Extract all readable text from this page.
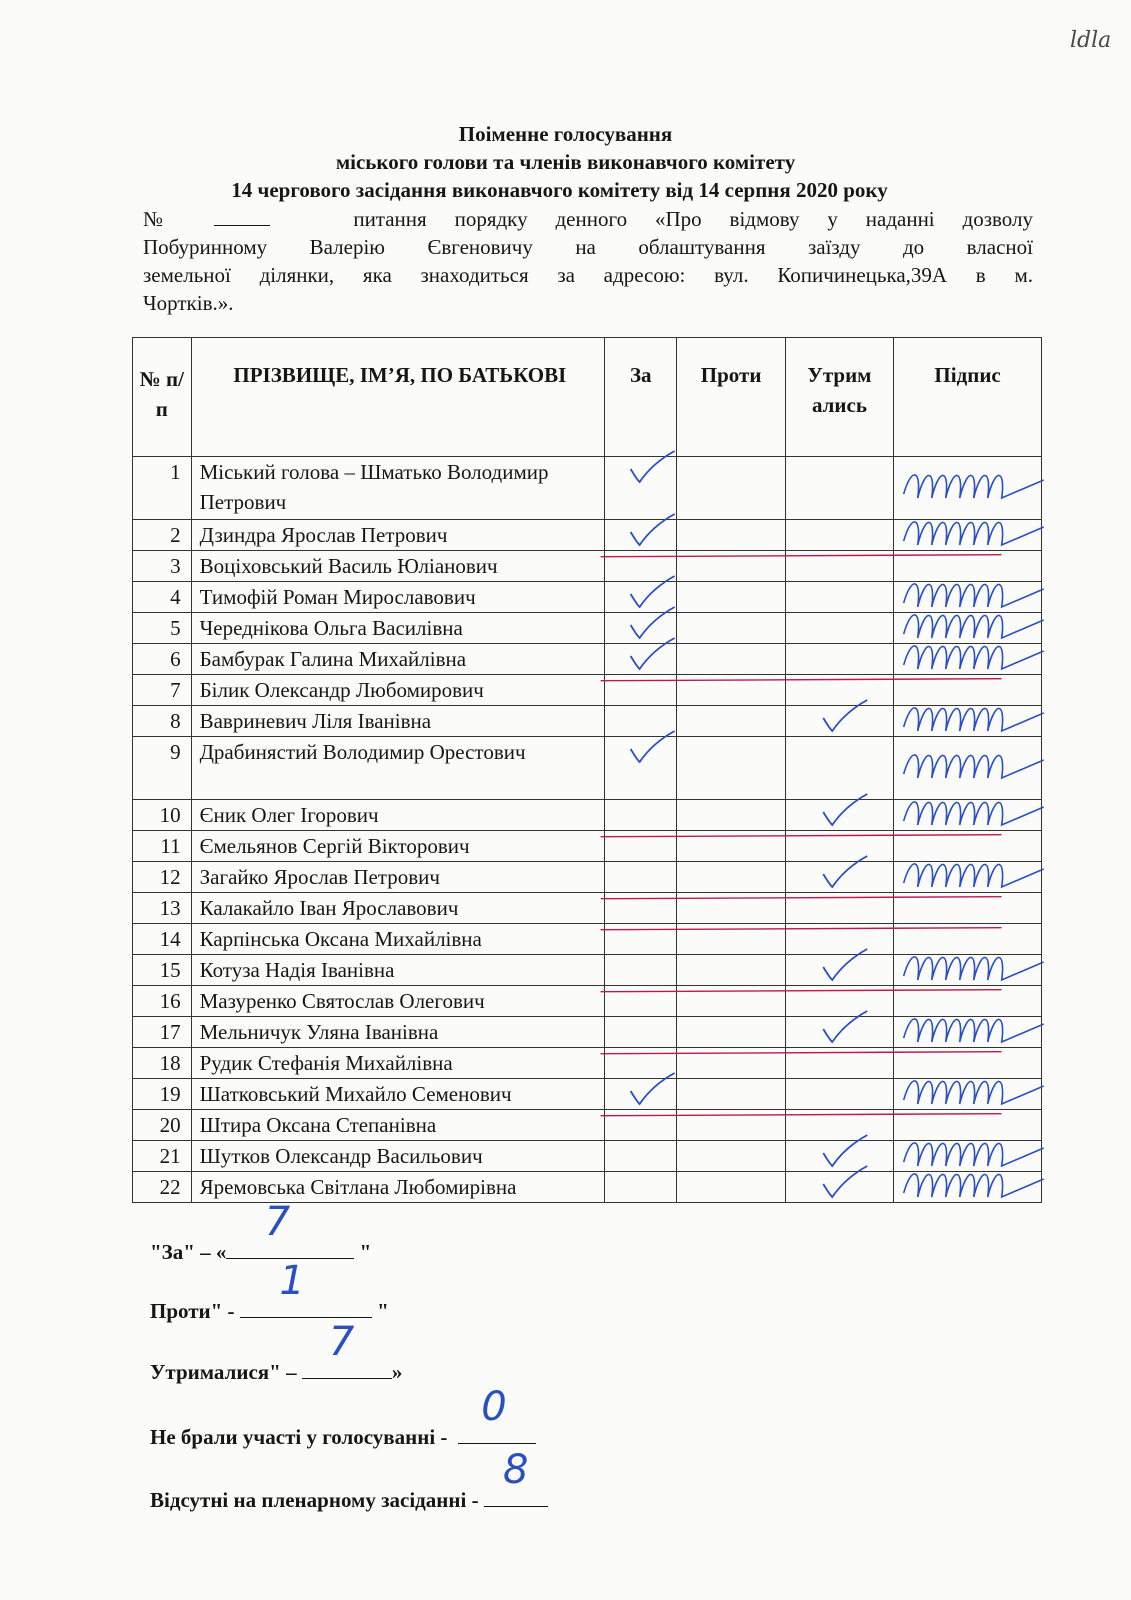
ldla
Поіменне голосування
міського голови та членів виконавчого комітету
14 чергового засідання виконавчого комітету від 14 серпня 2020 року
№	питання порядку денного «Про відмову у наданні дозволу
Побуринному Валерію Євгеновичу на облаштування заїзду до власної
земельної ділянки, яка знаходиться за адресою: вул. Копичинецька,39А в м.
Чортків.».
№ п/ п	ПРІЗВИЩЕ, ІМ’Я, ПО БАТЬКОВІ	За	Проти	Утрим ались	Підпис
1	Міський голова – Шматько Володимир Петрович				
2	Дзиндра Ярослав Петрович				
3	Воціховський Василь Юліанович				
4	Тимофій Роман Мирославович				
5	Череднікова Ольга Василівна				
6	Бамбурак Галина Михайлівна				
7	Білик Олександр Любомирович				
8	Вавриневич Ліля Іванівна				
9	Драбинястий Володимир Орестович				
10	Єник Олег Ігорович				
11	Ємельянов Сергій Вікторович				
12	Загайко Ярослав Петрович				
13	Калакайло Іван Ярославович				
14	Карпінська Оксана Михайлівна				
15	Котуза Надія Іванівна				
16	Мазуренко Святослав Олегович				
17	Мельничук Уляна Іванівна				
18	Рудик Стефанія Михайлівна				
19	Шатковський Михайло Семенович				
20	Штира Оксана Степанівна				
21	Шутков Олександр Васильович				
22	Яремовська Світлана Любомирівна				
"За" – «
7
"
Проти" -
1
"
Утрималися" –
7
»
Не брали участі у голосуванні -
0
Відсутні на пленарному засіданні -
8
